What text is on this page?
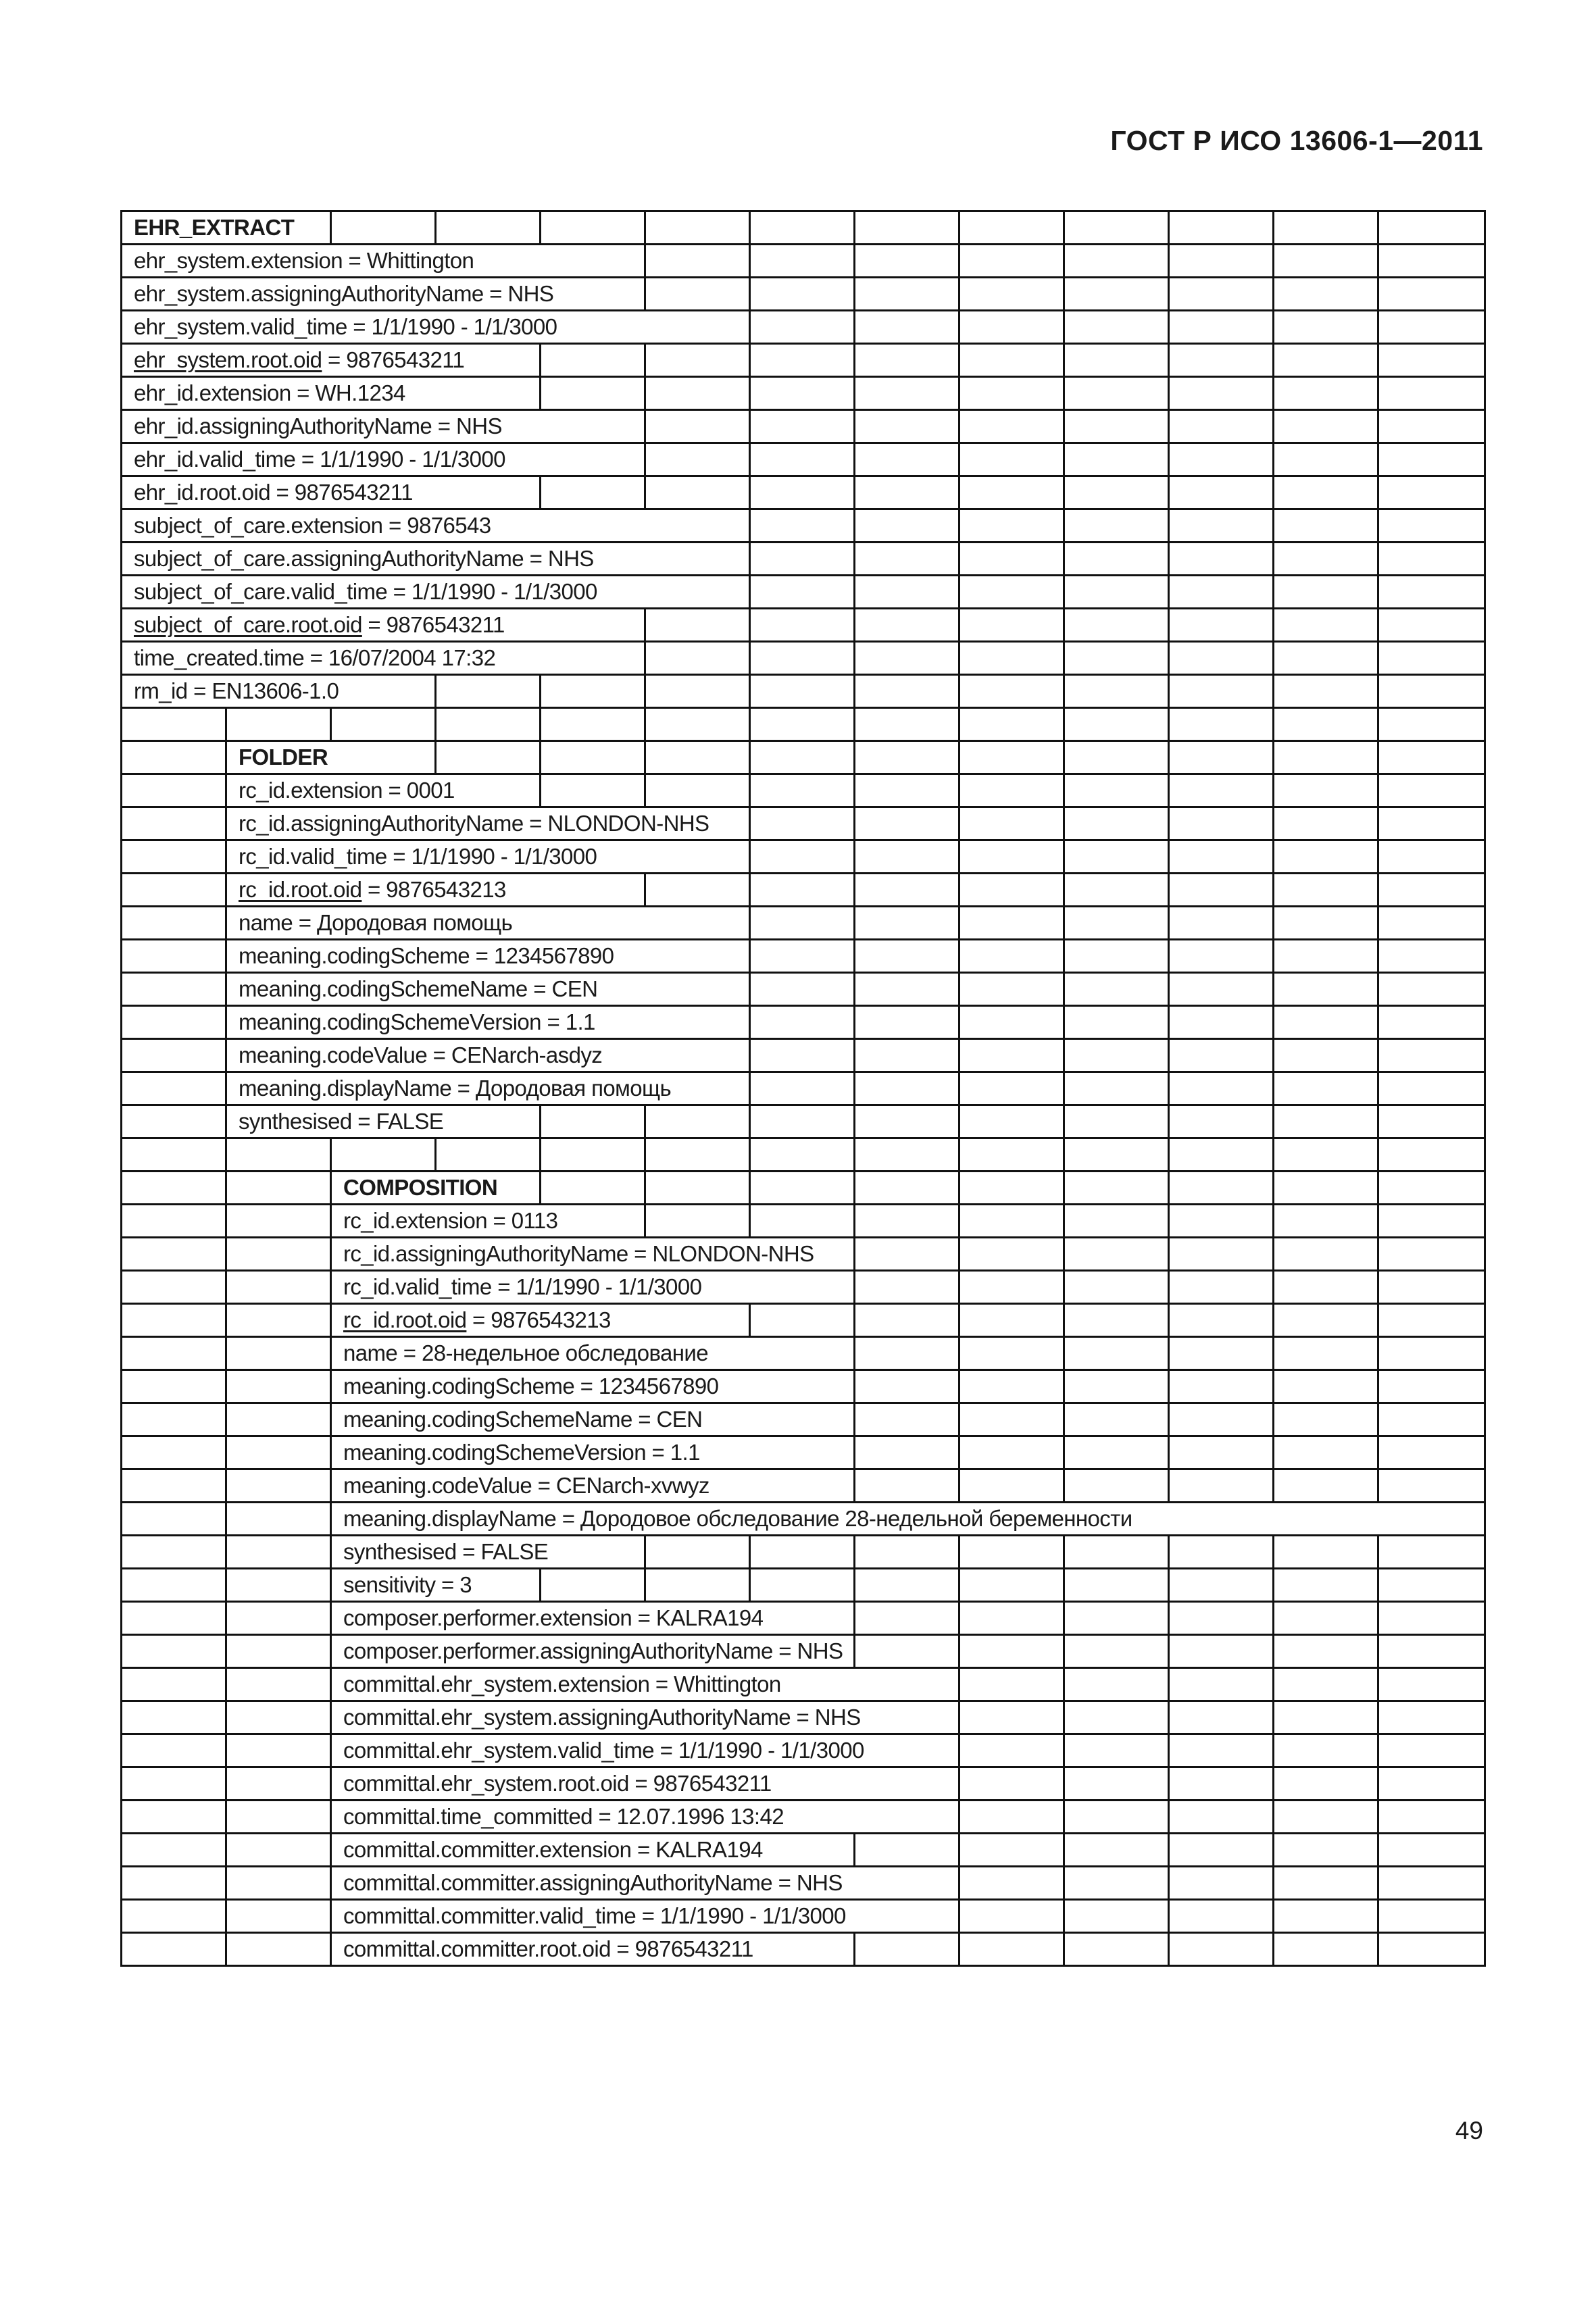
ГОСТ Р ИСО 13606-1—2011
EHR_EXTRACT												
ehr_system.extension = Whittington												
ehr_system.assigningAuthorityName = NHS												
ehr_system.valid_time = 1/1/1990 - 1/1/3000												
ehr_system.root.oid = 9876543211												
ehr_id.extension = WH.1234												
ehr_id.assigningAuthorityName = NHS												
ehr_id.valid_time = 1/1/1990 - 1/1/3000												
ehr_id.root.oid = 9876543211												
subject_of_care.extension = 9876543												
subject_of_care.assigningAuthorityName = NHS												
subject_of_care.valid_time = 1/1/1990 - 1/1/3000												
subject_of_care.root.oid = 9876543211												
time_created.time = 16/07/2004 17:32												
rm_id = EN13606-1.0												

	FOLDER											
	rc_id.extension = 0001											
	rc_id.assigningAuthorityName = NLONDON-NHS											
	rc_id.valid_time = 1/1/1990 - 1/1/3000											
	rc_id.root.oid = 9876543213											
	name = Дородовая помощь											
	meaning.codingScheme = 1234567890											
	meaning.codingSchemeName = CEN											
	meaning.codingSchemeVersion = 1.1											
	meaning.codeValue = CENarch-asdyz											
	meaning.displayName = Дородовая помощь											
	synthesised = FALSE											

		COMPOSITION										
		rc_id.extension = 0113										
		rc_id.assigningAuthorityName = NLONDON-NHS										
		rc_id.valid_time = 1/1/1990 - 1/1/3000										
		rc_id.root.oid = 9876543213										
		name = 28-недельное обследование										
		meaning.codingScheme = 1234567890										
		meaning.codingSchemeName = CEN										
		meaning.codingSchemeVersion = 1.1										
		meaning.codeValue = CENarch-xvwyz										
		meaning.displayName = Дородовое обследование 28-недельной беременности										
		synthesised = FALSE										
		sensitivity = 3										
		composer.performer.extension = KALRA194										
		composer.performer.assigningAuthorityName = NHS										
		committal.ehr_system.extension = Whittington										
		committal.ehr_system.assigningAuthorityName = NHS										
		committal.ehr_system.valid_time = 1/1/1990 - 1/1/3000										
		committal.ehr_system.root.oid = 9876543211										
		committal.time_committed = 12.07.1996 13:42										
		committal.committer.extension = KALRA194										
		committal.committer.assigningAuthorityName = NHS										
		committal.committer.valid_time = 1/1/1990 - 1/1/3000										
		committal.committer.root.oid = 9876543211										
49
